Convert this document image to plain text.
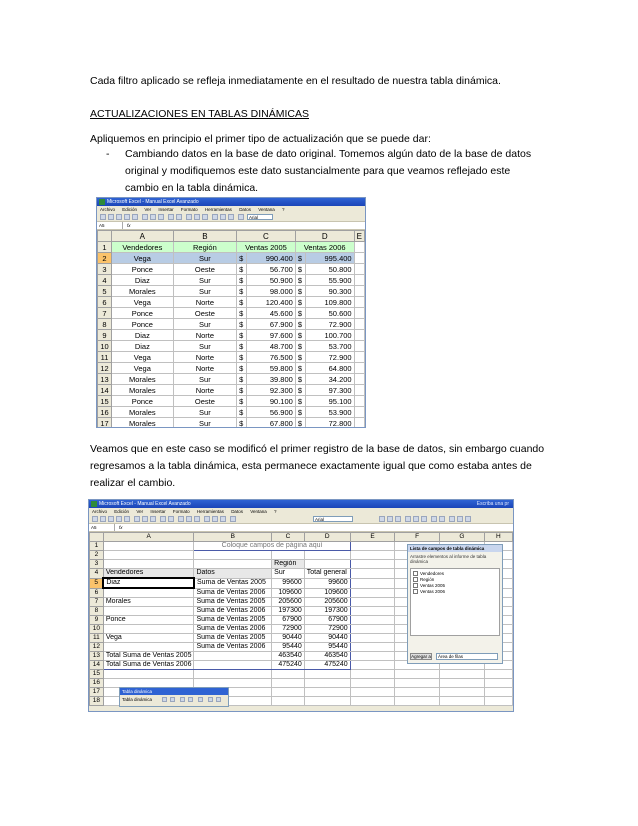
Cada filtro aplicado se refleja inmediatamente en el resultado de nuestra tabla dinámica.
ACTUALIZACIONES EN TABLAS DINÁMICAS
Apliquemos en principio el primer tipo de actualización que se puede dar:
- Cambiando datos en la base de dato original. Tomemos algún dato de la base de datos
original y modifiquemos este dato sustancialmente para que veamos reflejado este
cambio en la tabla dinámica.
Microsoft Excel - Manual Excel Avanzado
Archivo Edición Ver Insertar Formato Herramientas Datos Ventana ?
Arial
A5	fx
	A	B	C		D		E
1	Vendedores	Región	Ventas 2005		Ventas 2006		
2	Vega	Sur	$	990.400	$	995.400	
3	Ponce	Oeste	$	56.700	$	50.800	
4	Diaz	Sur	$	50.900	$	55.900	
5	Morales	Sur	$	98.000	$	90.300	
6	Vega	Norte	$	120.400	$	109.800	
7	Ponce	Oeste	$	45.600	$	50.600	
8	Ponce	Sur	$	67.900	$	72.900	
9	Diaz	Norte	$	97.600	$	100.700	
10	Diaz	Sur	$	48.700	$	53.700	
11	Vega	Norte	$	76.500	$	72.900	
12	Vega	Norte	$	59.800	$	64.800	
13	Morales	Sur	$	39.800	$	34.200	
14	Morales	Norte	$	92.300	$	97.300	
15	Ponce	Oeste	$	90.100	$	95.100	
16	Morales	Sur	$	56.900	$	53.900	
17	Morales	Sur	$	67.800	$	72.800	

Veamos que en este caso se modificó el primer registro de la base de datos, sin embargo cuando
regresamos a la tabla dinámica, esta permanece exactamente igual que como estaba antes de
realizar el cambio.
Microsoft Excel - Manual Excel Avanzado	Escriba una pr
Archivo Edición Ver Insertar Formato Herramientas Datos Ventana ?
Arial
A5	fx
	A	B	C	D	E	F	G	H
1		Coloque campos de página aquí						
2								
3			Región					
4	Vendedores	Datos	Sur	Total general				
5	Diaz	Suma de Ventas 2005	99600	99600				
6		Suma de Ventas 2006	109600	109600				
7	Morales	Suma de Ventas 2005	205600	205600				
8		Suma de Ventas 2006	197300	197300				
9	Ponce	Suma de Ventas 2005	67900	67900				
10		Suma de Ventas 2006	72900	72900				
11	Vega	Suma de Ventas 2005	90440	90440				
12		Suma de Ventas 2006	95440	95440				
13	Total Suma de Ventas 2005		463540	463540				
14	Total Suma de Ventas 2006		475240	475240				
15								
16								
17								
18								
Lista de campos de tabla dinámica
Arrastre elementos al informe de tabla dinámica
Vendedores
Región
Ventas 2005
Ventas 2006
Agregar a	Área de filas
Tabla dinámica
Tabla dinámica
